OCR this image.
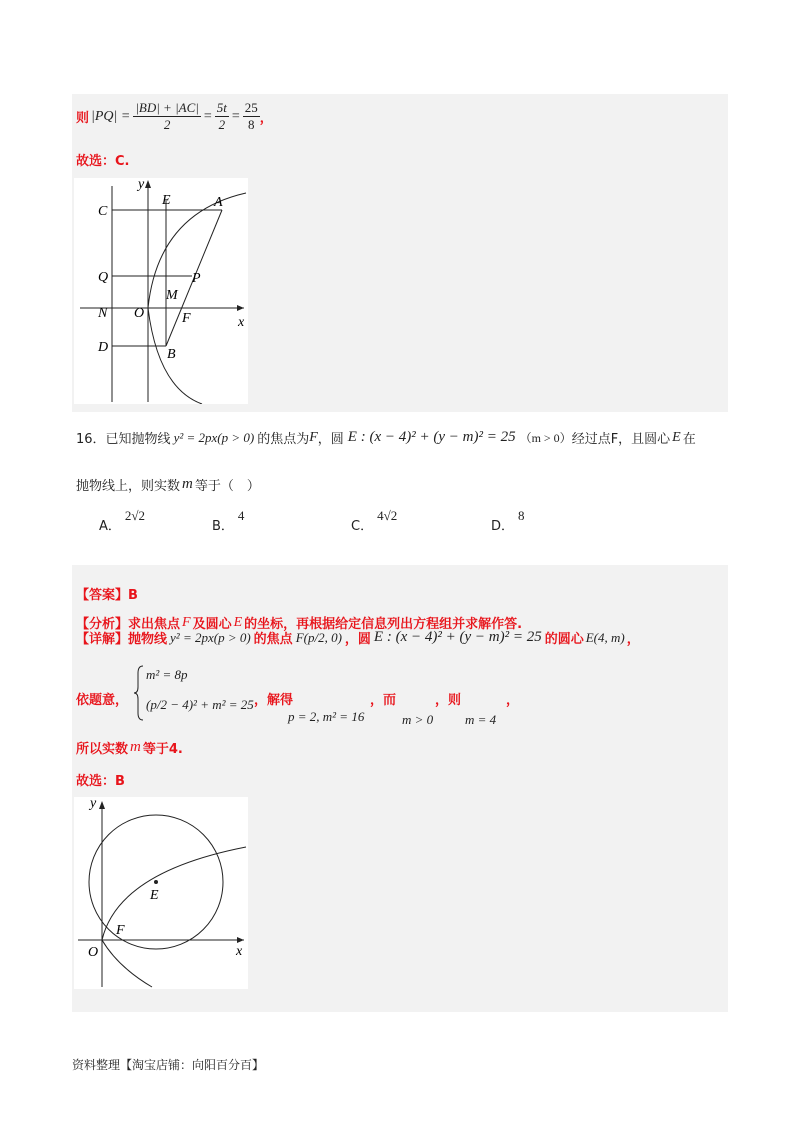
则 $|PQ| = \frac{|BD| + |AC|}{2} = \frac{5t}{2} = \frac{25}{8}$ ，
故选：C.
y
x
E	A
C
Q	P
M
N O	F
D	B
16． 已知抛物线 y² = 2px(p > 0) 的焦点为 F ，圆 E : (x − 4)² + (y − m)² = 25 （m > 0） 经过点F，且圆心 E 在
抛物线上，则实数 m 等于（　）
A．2√2
B．4
C．4√2
D．8
【答案】B
【分析】 求出焦点 F 及圆心 E 的坐标，再根据给定信息列出方程组并求解作答.
【详解】 抛物线 y² = 2px(p > 0) 的焦点 F(p/2, 0) ，圆 E : (x − 4)² + (y − m)² = 25 的圆心 E(4, m) ，
依题意，
m² = 8p
(p/2 − 4)² + m² = 25 ，解得
p = 2, m² = 16
，而
m > 0
，则
m = 4
，
所以实数 m 等于4.
故选：B
y
x
E
F
O
资料整理【淘宝店铺：向阳百分百】
